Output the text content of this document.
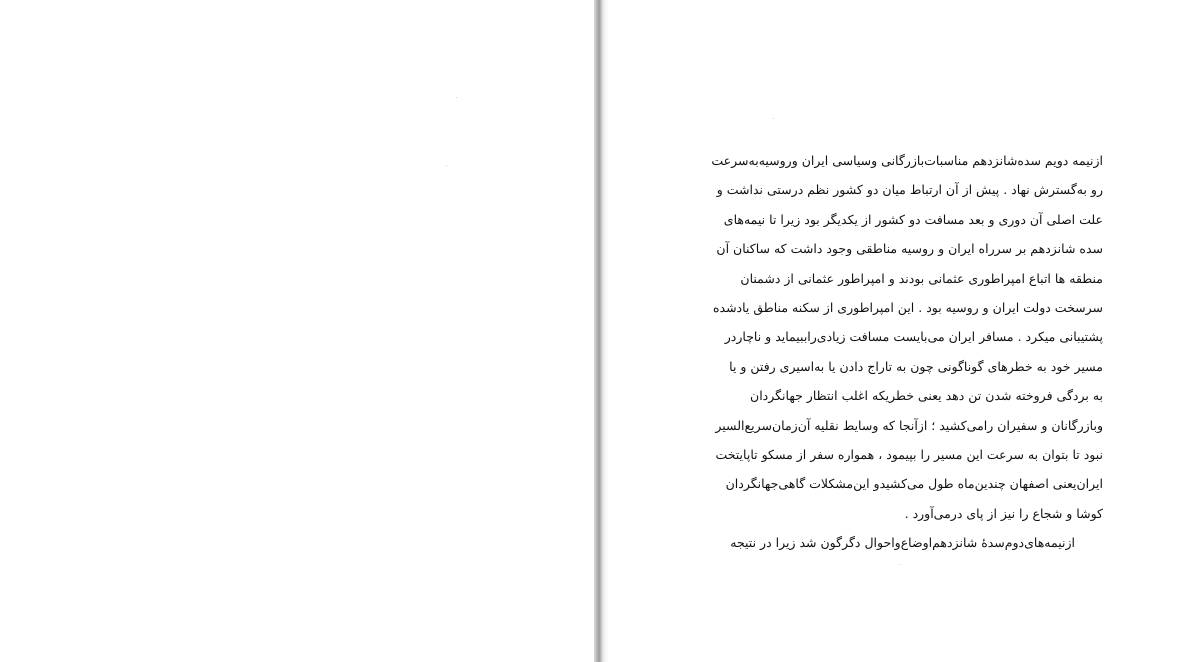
ازنیمه دویم سده‌شانزدهم مناسبات‌بازرگانی وسیاسی ایران وروسیه‌به‌سرعت
رو به‌گسترش نهاد . پیش از آن ارتباط میان دو کشور نظم درستی نداشت و
علت اصلی آن دوری و بعد مسافت دو کشور از یکدیگر بود زیرا تا نیمه‌های
سده شانزدهم بر سرراه ایران و روسیه مناطقی وجود داشت که ساکنان آن
منطقه ها اتباع امپراطوری عثمانی بودند و امپراطور عثمانی از دشمنان
سرسخت دولت ایران و روسیه بود . این امپراطوری از سکنه مناطق یادشده
پشتیبانی میکرد . مسافر ایران می‌بایست مسافت زیادی‌راببیماید و ناچاردر
مسیر خود به خطرهای گوناگونی چون به تاراج دادن یا به‌اسیری رفتن و یا
به بردگی فروخته شدن تن دهد یعنی خطریکه اغلب انتظار جهانگردان
وبازرگانان و سفیران رامی‌کشید ؛ ازآنجا که وسایط نقلیه آن‌زمان‌سریع‌السیر
نبود تا بتوان به سرعت این مسیر را بپیمود ، همواره سفر از مسکو تاپایتخت
ایران‌یعنی اصفهان چندین‌ماه طول می‌کشیدو این‌مشکلات گاهی‌جهانگردان
کوشا و شجاع را نیز از پای درمی‌آورد .
ازنیمه‌های‌دوم‌سدهٔ شانزدهم‌اوضاع‌واحوال دگرگون شد زیرا در نتیجه
